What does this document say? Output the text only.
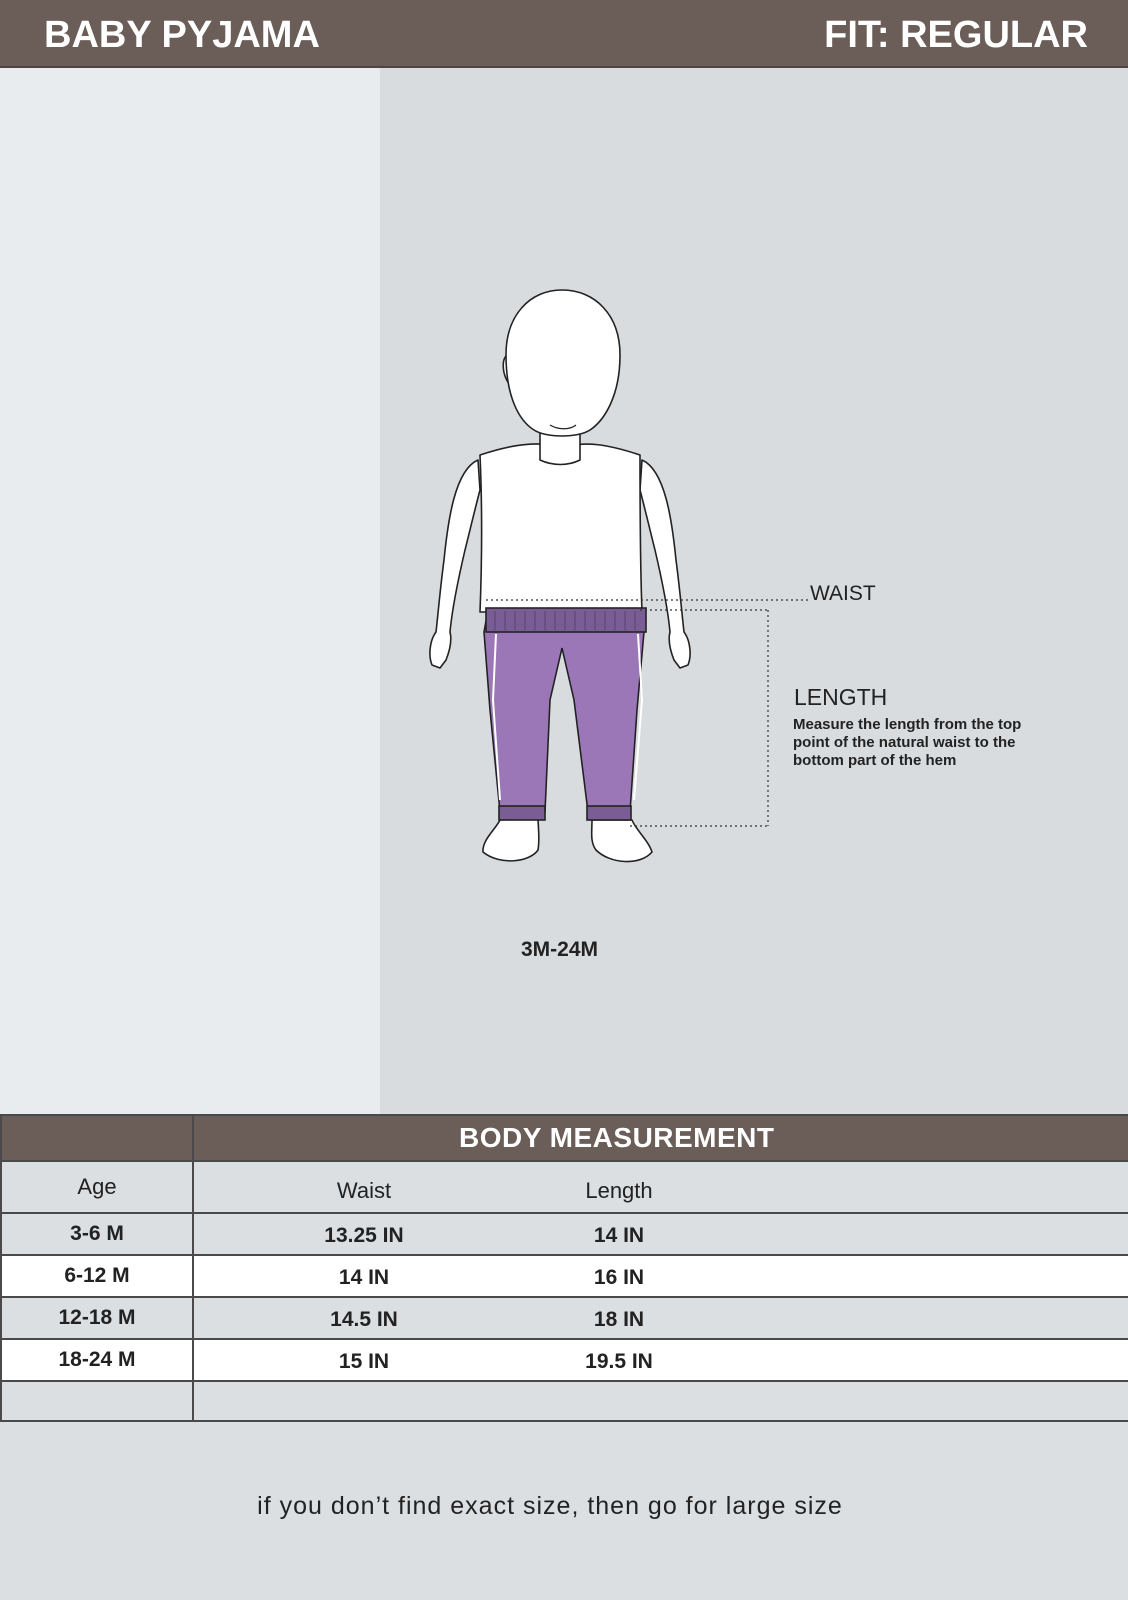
BABY PYJAMA	FIT: REGULAR
WAIST
LENGTH
Measure the length from the top point of the natural waist to the bottom part of the hem
3M-24M
	BODY MEASUREMENT
Age	Waist Length

3-6 M	13.25 IN 14 IN

6-12 M	14 IN 16 IN

12-18 M	14.5 IN 18 IN

18-24 M	15 IN 19.5 IN

if you don’t find exact size, then go for large size
